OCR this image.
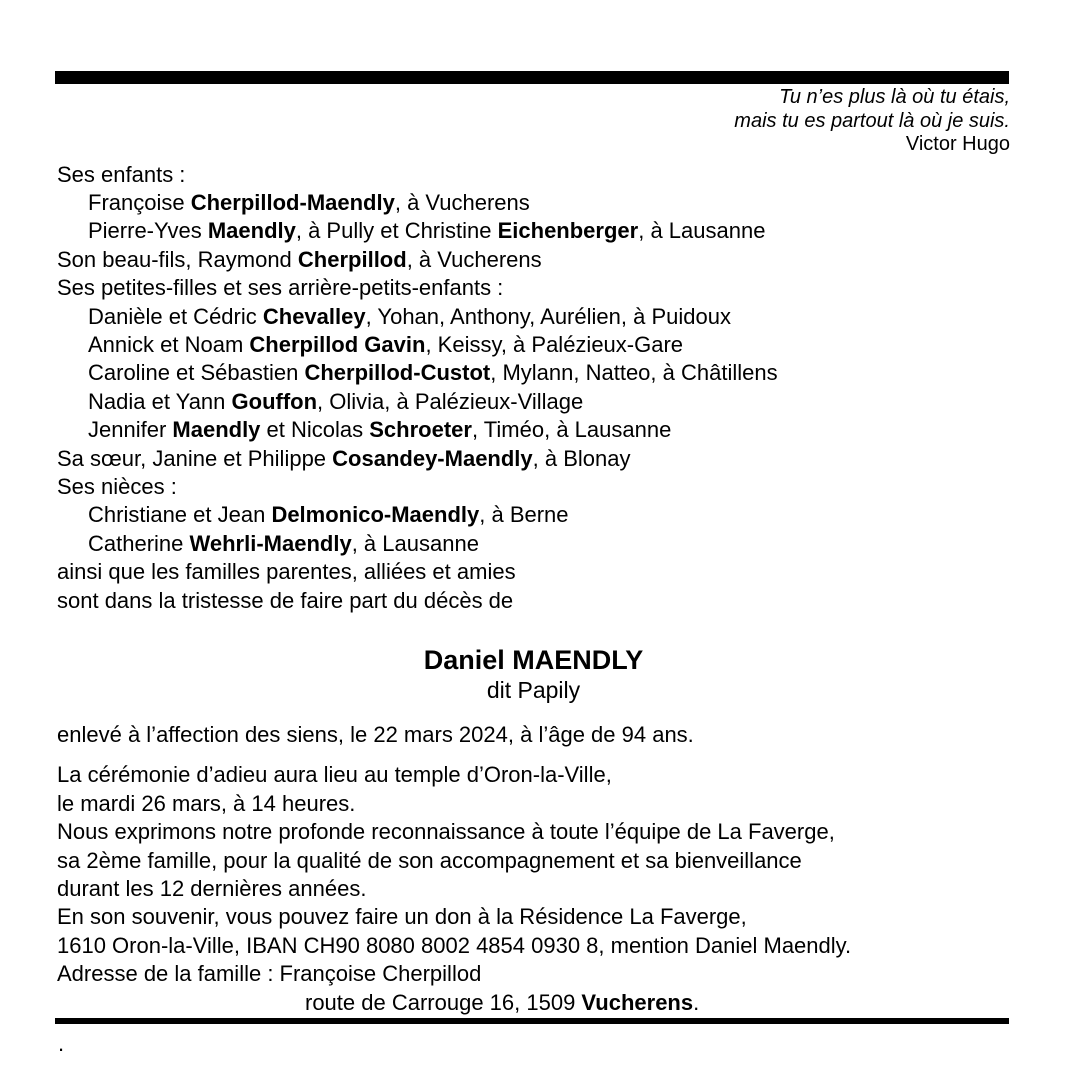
Tu n’es plus là où tu étais,
mais tu es partout là où je suis.
Victor Hugo
Ses enfants :
Françoise Cherpillod-Maendly, à Vucherens
Pierre-Yves Maendly, à Pully et Christine Eichenberger, à Lausanne
Son beau-fils, Raymond Cherpillod, à Vucherens
Ses petites-filles et ses arrière-petits-enfants :
Danièle et Cédric Chevalley, Yohan, Anthony, Aurélien, à Puidoux
Annick et Noam Cherpillod Gavin, Keissy, à Palézieux-Gare
Caroline et Sébastien Cherpillod-Custot, Mylann, Natteo, à Châtillens
Nadia et Yann Gouffon, Olivia, à Palézieux-Village
Jennifer Maendly et Nicolas Schroeter, Timéo, à Lausanne
Sa sœur, Janine et Philippe Cosandey-Maendly, à Blonay
Ses nièces :
Christiane et Jean Delmonico-Maendly, à Berne
Catherine Wehrli-Maendly, à Lausanne
ainsi que les familles parentes, alliées et amies
sont dans la tristesse de faire part du décès de
Daniel MAENDLY
dit Papily
enlevé à l’affection des siens, le 22 mars 2024, à l’âge de 94 ans.
La cérémonie d’adieu aura lieu au temple d’Oron-la-Ville,
le mardi 26 mars, à 14 heures.
Nous exprimons notre profonde reconnaissance à toute l’équipe de La Faverge,
sa 2ème famille, pour la qualité de son accompagnement et sa bienveillance
durant les 12 dernières années.
En son souvenir, vous pouvez faire un don à la Résidence La Faverge,
1610 Oron-la-Ville, IBAN CH90 8080 8002 4854 0930 8, mention Daniel Maendly.
Adresse de la famille : Françoise Cherpillod
route de Carrouge 16, 1509 Vucherens.
.
